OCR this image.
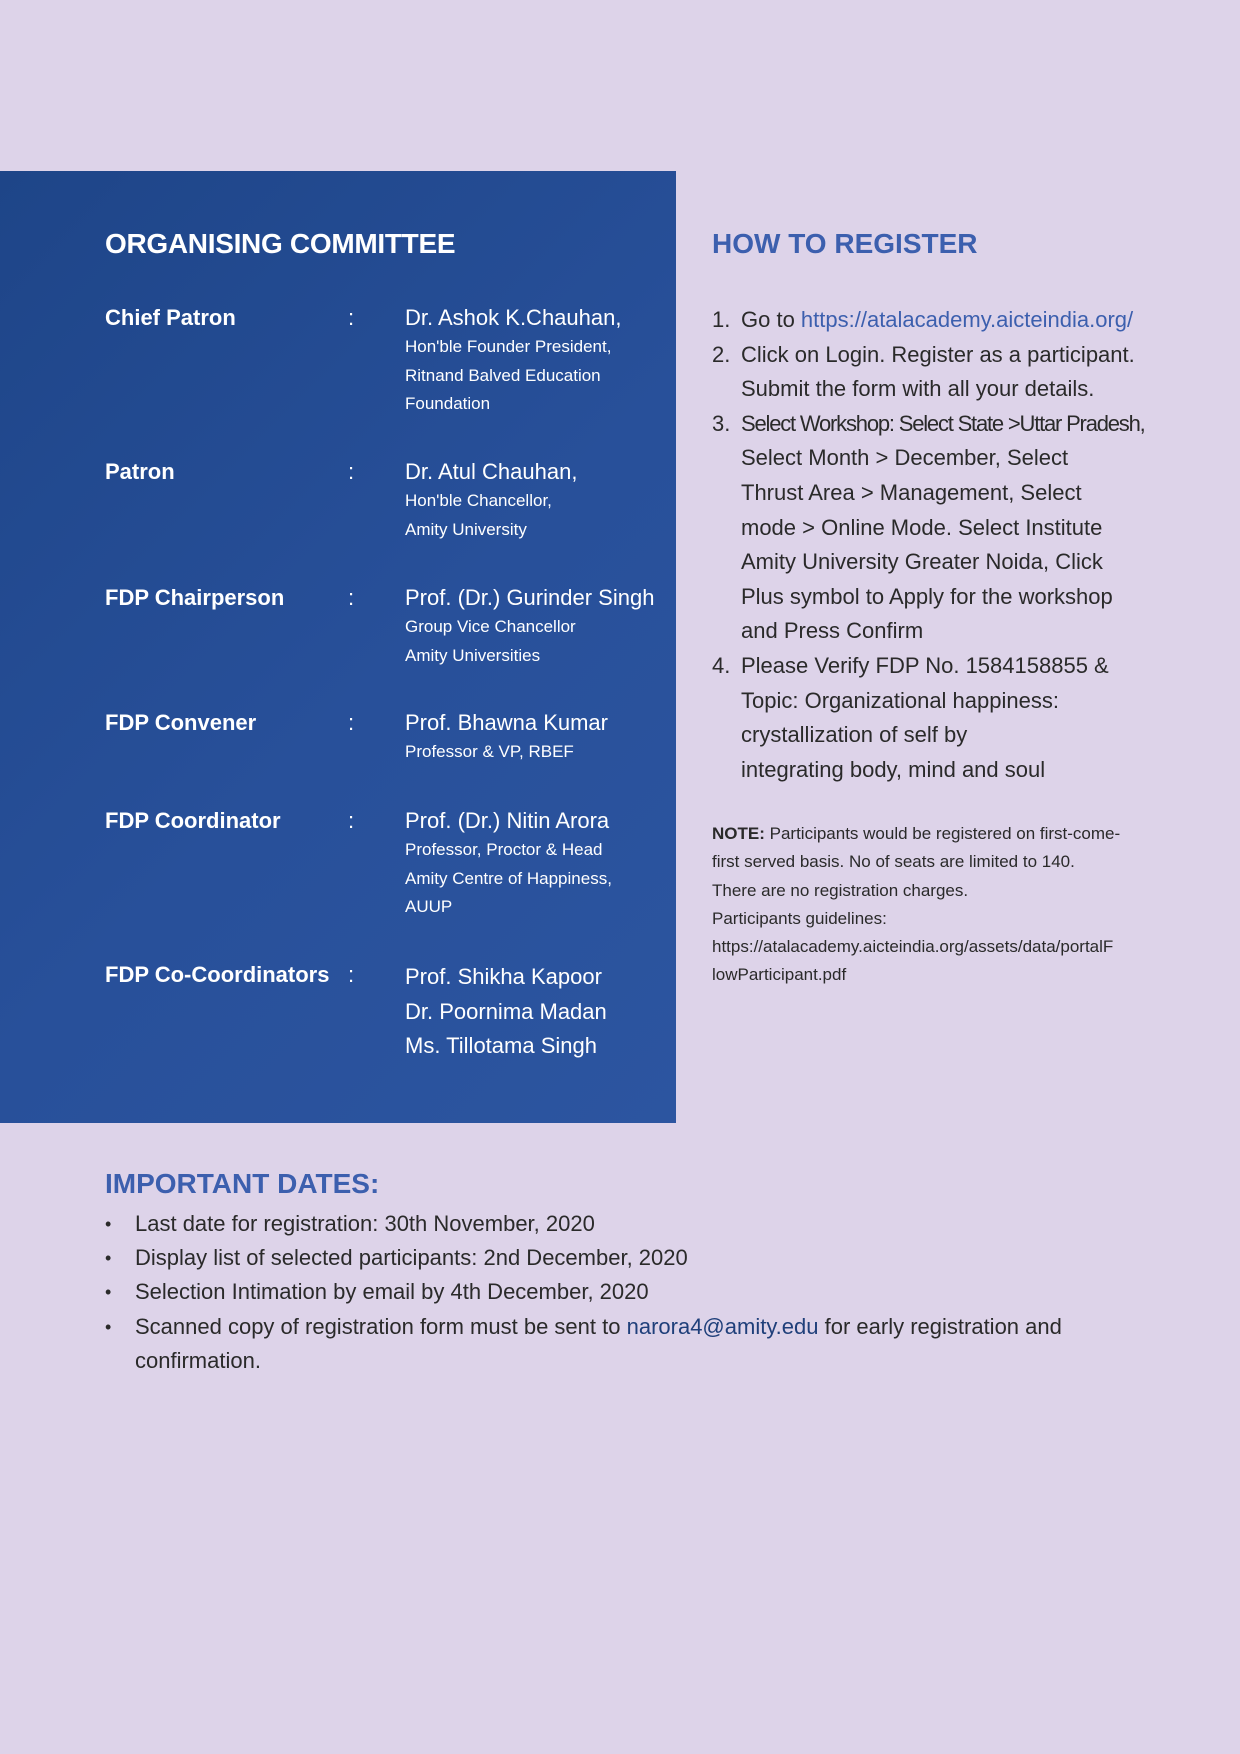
ORGANISING COMMITTEE
Chief Patron	: Dr. Ashok K.Chauhan,
Hon'ble Founder President,
Ritnand Balved Education
Foundation
Patron	: Dr. Atul Chauhan,
Hon'ble Chancellor,
Amity University
FDP Chairperson	: Prof. (Dr.) Gurinder Singh
Group Vice Chancellor
Amity Universities
FDP Convener	: Prof. Bhawna Kumar
Professor & VP, RBEF
FDP Coordinator	: Prof. (Dr.) Nitin Arora
Professor, Proctor & Head
Amity Centre of Happiness,
AUUP
FDP Co-Coordinators : Prof. Shikha Kapoor
Dr. Poornima Madan
Ms. Tillotama Singh
HOW TO REGISTER
1. Go to https://atalacademy.aicteindia.org/
2. Click on Login. Register as a participant.
Submit the form with all your details.
3. Select Workshop: Select State >Uttar Pradesh,
Select Month > December, Select
Thrust Area > Management, Select
mode > Online Mode. Select Institute
Amity University Greater Noida, Click
Plus symbol to Apply for the workshop
and Press Confirm
4. Please Verify FDP No. 1584158855 &
Topic: Organizational happiness:
crystallization of self by
integrating body, mind and soul
NOTE: Participants would be registered on first-come-
first served basis. No of seats are limited to 140.
There are no registration charges.
Participants guidelines:
https://atalacademy.aicteindia.org/assets/data/portalF
lowParticipant.pdf
IMPORTANT DATES:
• Last date for registration: 30th November, 2020
• Display list of selected participants: 2nd December, 2020
• Selection Intimation by email by 4th December, 2020
• Scanned copy of registration form must be sent to narora4@amity.edu for early registration and
confirmation.
